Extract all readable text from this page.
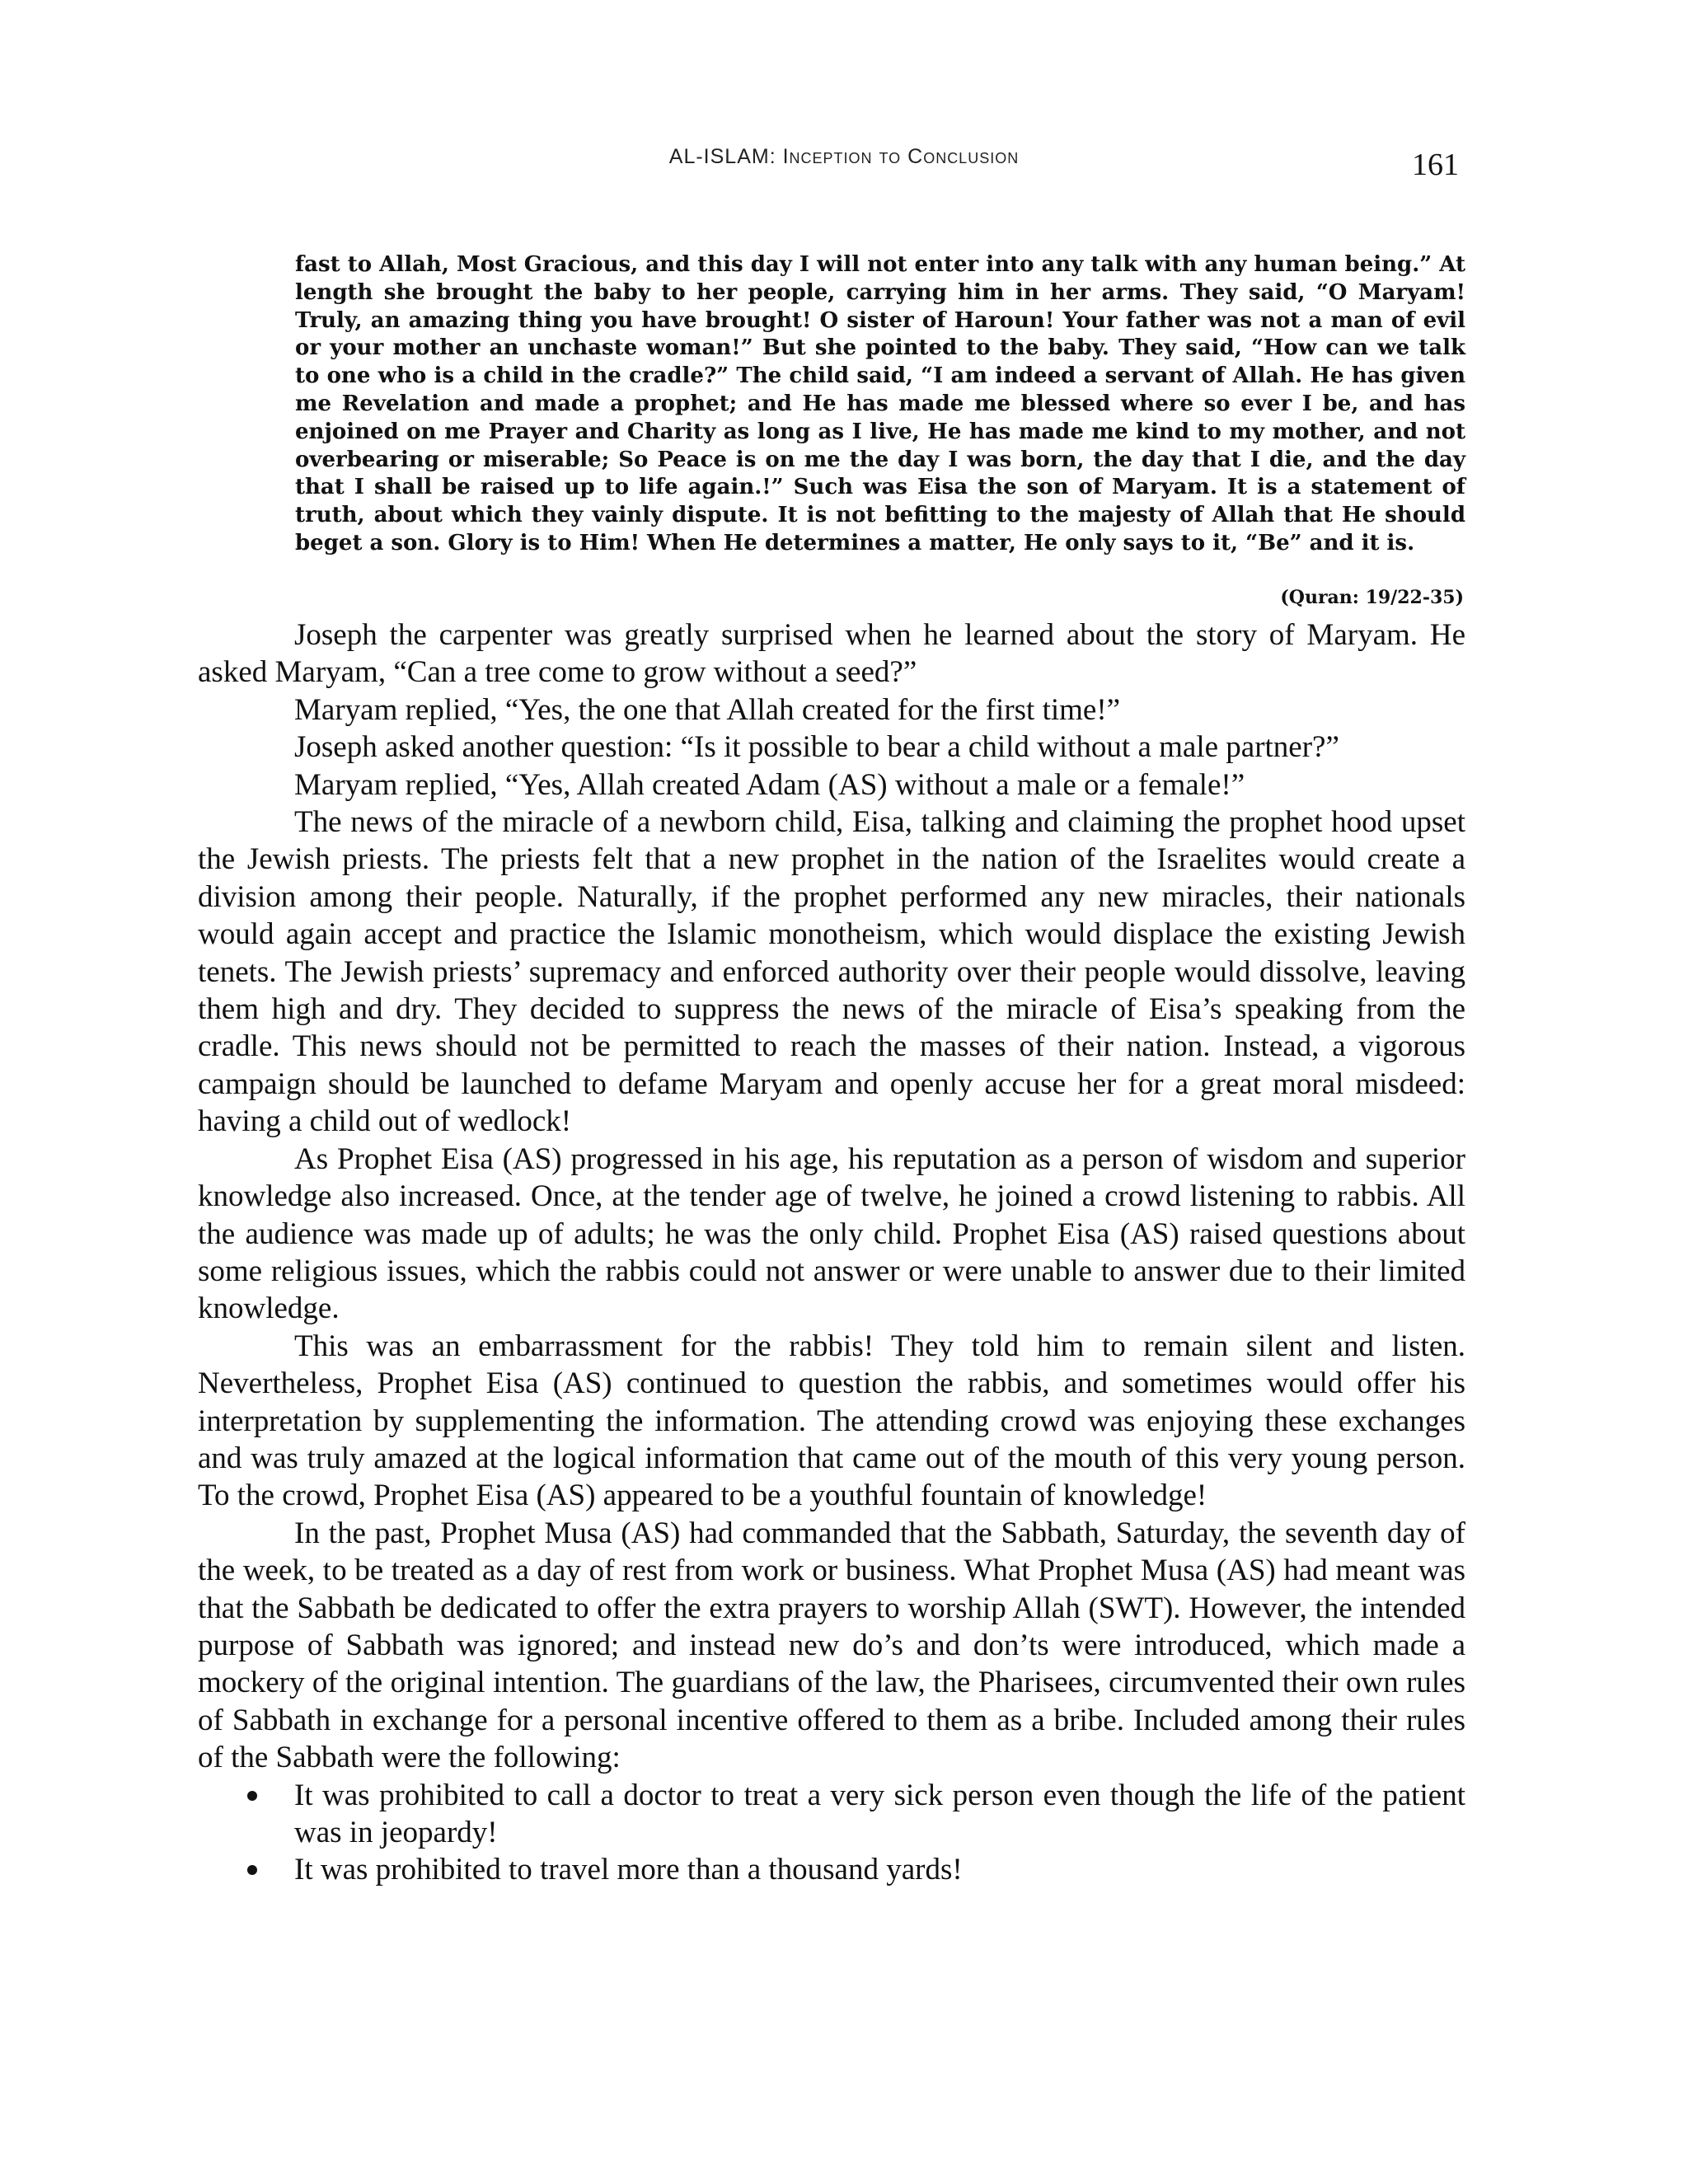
AL-ISLAM: Inception to Conclusion	161

fast to Allah, Most Gracious, and this day I will not enter into any talk with any human being.” At length she brought the baby to her people, carrying him in her arms. They said, “O Maryam! Truly, an amazing thing you have brought! O sister of Haroun! Your father was not a man of evil or your mother an unchaste woman!” But she pointed to the baby. They said, “How can we talk to one who is a child in the cradle?” The child said, “I am indeed a servant of Allah. He has given me Revelation and made a prophet; and He has made me blessed where so ever I be, and has enjoined on me Prayer and Charity as long as I live, He has made me kind to my mother, and not overbearing or miserable; So Peace is on me the day I was born, the day that I die, and the day that I shall be raised up to life again.!” Such was Eisa the son of Maryam. It is a statement of truth, about which they vainly dispute. It is not befitting to the majesty of Allah that He should beget a son. Glory is to Him! When He determines a matter, He only says to it, “Be” and it is.

(Quran: 19/22-35)

Joseph the carpenter was greatly surprised when he learned about the story of Maryam. He asked Maryam, “Can a tree come to grow without a seed?”

Maryam replied, “Yes, the one that Allah created for the first time!”

Joseph asked another question: “Is it possible to bear a child without a male partner?”

Maryam replied, “Yes, Allah created Adam (AS) without a male or a female!”

The news of the miracle of a newborn child, Eisa, talking and claiming the prophet hood upset the Jewish priests. The priests felt that a new prophet in the nation of the Israelites would create a division among their people. Naturally, if the prophet performed any new miracles, their nationals would again accept and practice the Islamic monotheism, which would displace the existing Jewish tenets. The Jewish priests’ supremacy and enforced authority over their people would dissolve, leaving them high and dry. They decided to suppress the news of the miracle of Eisa’s speaking from the cradle. This news should not be permitted to reach the masses of their nation. Instead, a vigorous campaign should be launched to defame Maryam and openly accuse her for a great moral misdeed: having a child out of wedlock!

As Prophet Eisa (AS) progressed in his age, his reputation as a person of wisdom and superior knowledge also increased. Once, at the tender age of twelve, he joined a crowd listening to rabbis. All the audience was made up of adults; he was the only child. Prophet Eisa (AS) raised questions about some religious issues, which the rabbis could not answer or were unable to answer due to their limited knowledge.

This was an embarrassment for the rabbis! They told him to remain silent and listen. Nevertheless, Prophet Eisa (AS) continued to question the rabbis, and sometimes would offer his interpretation by supplementing the information. The attending crowd was enjoying these exchanges and was truly amazed at the logical information that came out of the mouth of this very young person. To the crowd, Prophet Eisa (AS) appeared to be a youthful fountain of knowledge!

In the past, Prophet Musa (AS) had commanded that the Sabbath, Saturday, the seventh day of the week, to be treated as a day of rest from work or business. What Prophet Musa (AS) had meant was that the Sabbath be dedicated to offer the extra prayers to worship Allah (SWT). However, the intended purpose of Sabbath was ignored; and instead new do’s and don’ts were introduced, which made a mockery of the original intention. The guardians of the law, the Pharisees, circumvented their own rules of Sabbath in exchange for a personal incentive offered to them as a bribe. Included among their rules of the Sabbath were the following:

It was prohibited to call a doctor to treat a very sick person even though the life of the patient was in jeopardy!
It was prohibited to travel more than a thousand yards!
